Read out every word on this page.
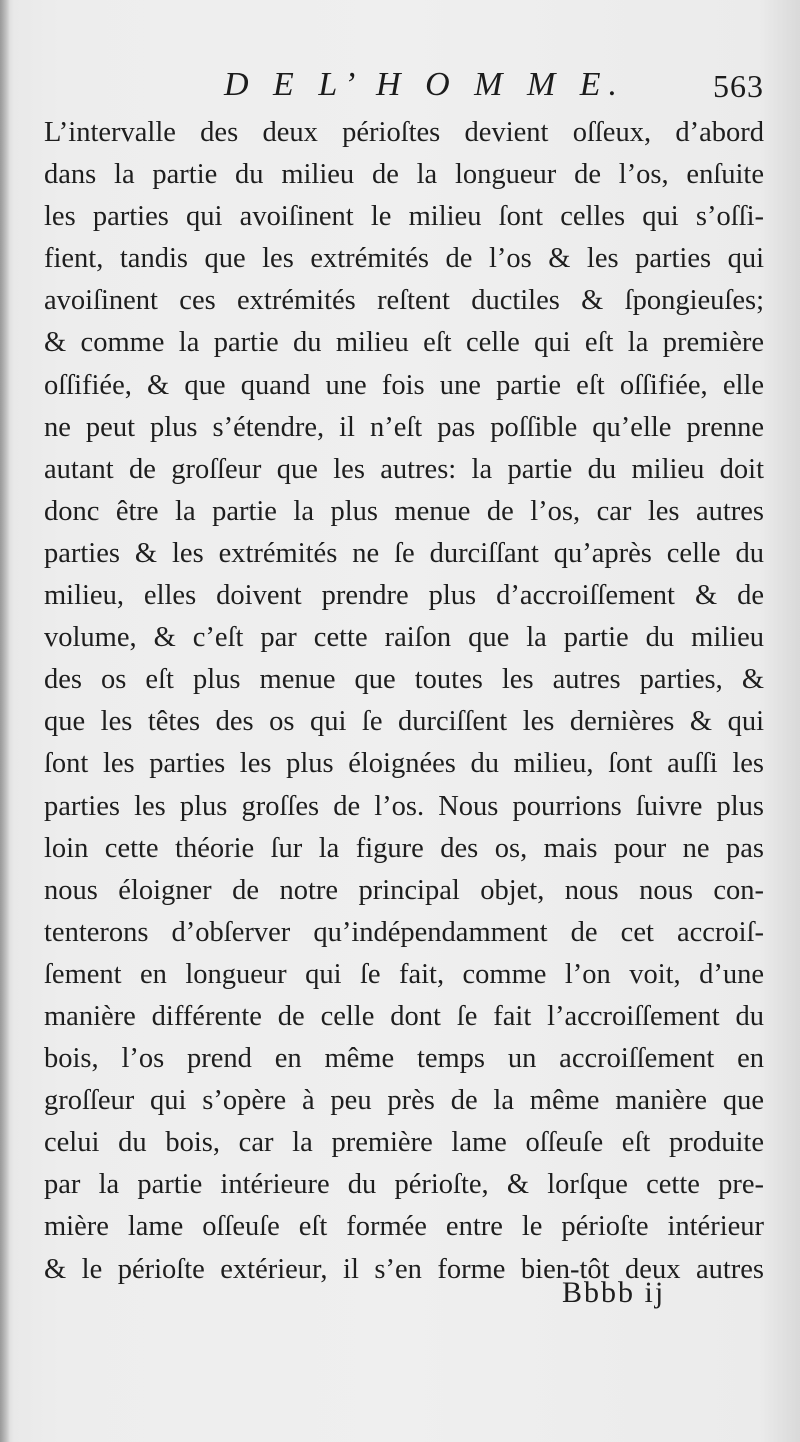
D E L’ H O M M E.	563
L’intervalle des deux périoſtes devient oſſeux, d’abord
dans la partie du milieu de la longueur de l’os, enſuite
les parties qui avoiſinent le milieu ſont celles qui s’oſſi-
fient, tandis que les extrémités de l’os & les parties qui
avoiſinent ces extrémités reſtent ductiles & ſpongieuſes;
& comme la partie du milieu eſt celle qui eſt la première
oſſifiée, & que quand une fois une partie eſt oſſifiée, elle
ne peut plus s’étendre, il n’eſt pas poſſible qu’elle prenne
autant de groſſeur que les autres: la partie du milieu doit
donc être la partie la plus menue de l’os, car les autres
parties & les extrémités ne ſe durciſſant qu’après celle du
milieu, elles doivent prendre plus d’accroiſſement & de
volume, & c’eſt par cette raiſon que la partie du milieu
des os eſt plus menue que toutes les autres parties, &
que les têtes des os qui ſe durciſſent les dernières & qui
ſont les parties les plus éloignées du milieu, ſont auſſi les
parties les plus groſſes de l’os. Nous pourrions ſuivre plus
loin cette théorie ſur la figure des os, mais pour ne pas
nous éloigner de notre principal objet, nous nous con-
tenterons d’obſerver qu’indépendamment de cet accroiſ-
ſement en longueur qui ſe fait, comme l’on voit, d’une
manière différente de celle dont ſe fait l’accroiſſement du
bois, l’os prend en même temps un accroiſſement en
groſſeur qui s’opère à peu près de la même manière que
celui du bois, car la première lame oſſeuſe eſt produite
par la partie intérieure du périoſte, & lorſque cette pre-
mière lame oſſeuſe eſt formée entre le périoſte intérieur
& le périoſte extérieur, il s’en forme bien-tôt deux autres
Bbbb ij
